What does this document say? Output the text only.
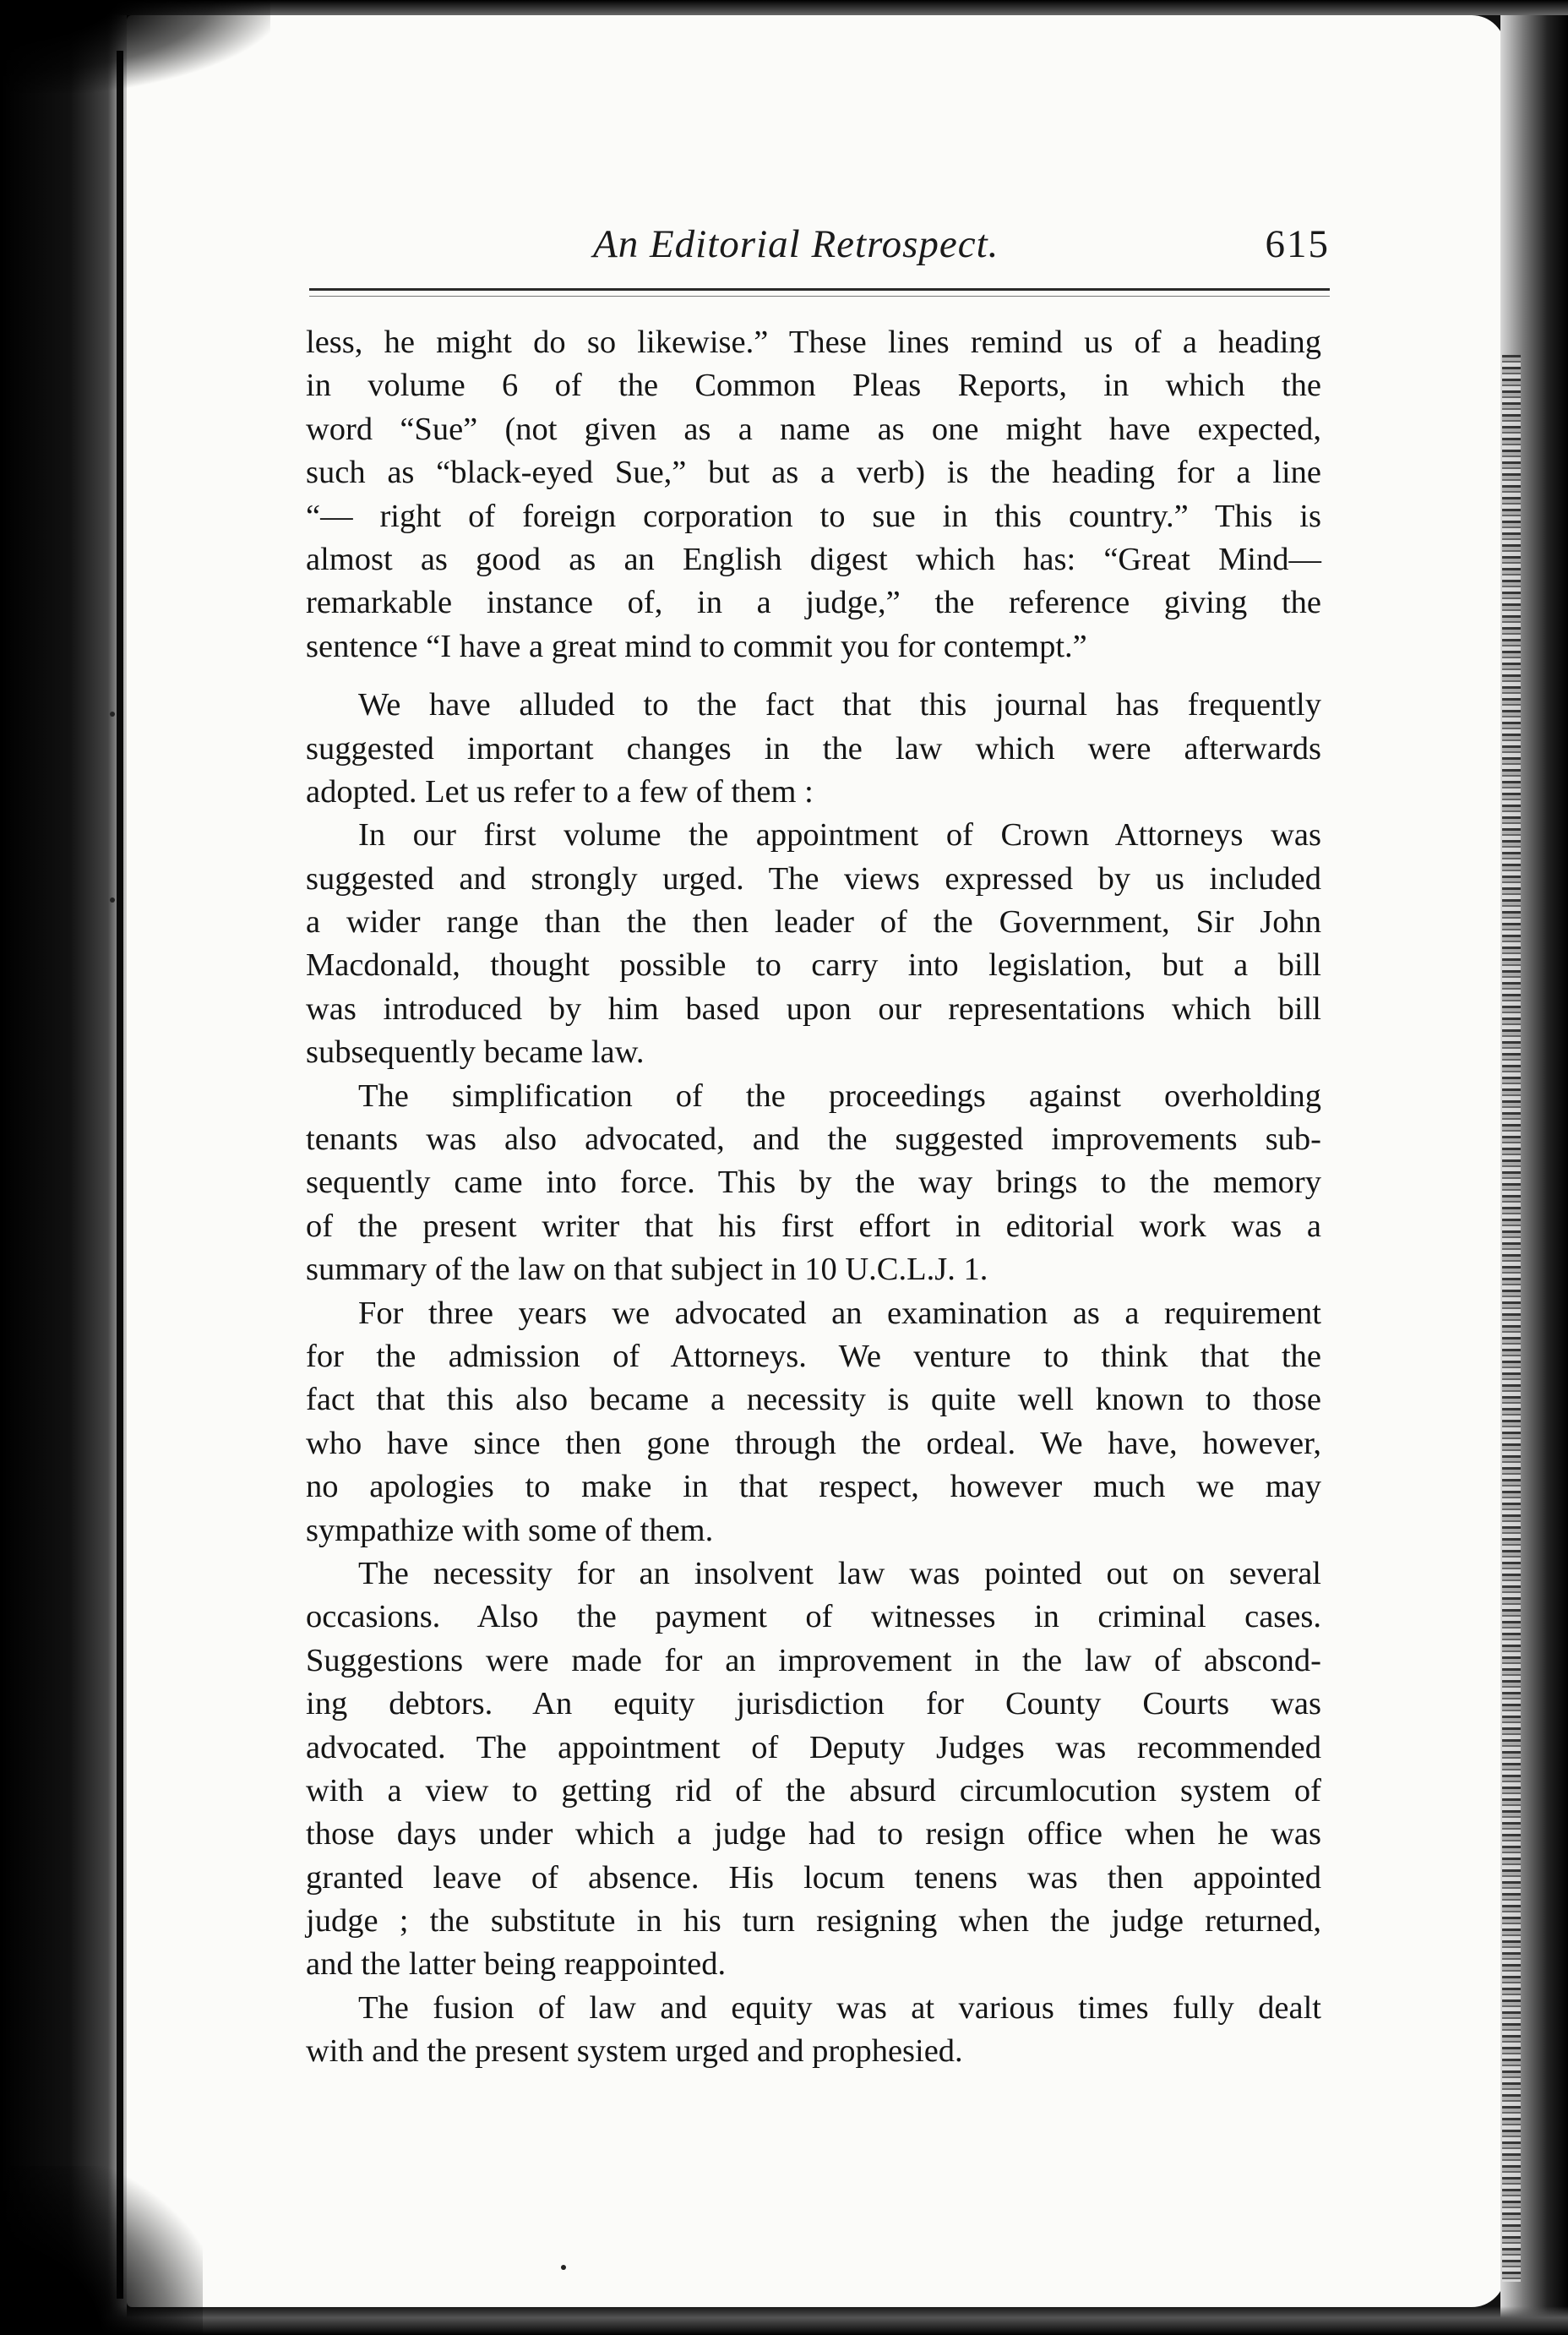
An Editorial Retrospect.	615
less, he might do so likewise.” These lines remind us of a heading
in volume 6 of the Common Pleas Reports, in which the
word “Sue” (not given as a name as one might have expected,
such as “black-eyed Sue,” but as a verb) is the heading for a line
“— right of foreign corporation to sue in this country.” This is
almost as good as an English digest which has: “Great Mind—
remarkable instance of, in a judge,” the reference giving the
sentence “I have a great mind to commit you for contempt.”
We have alluded to the fact that this journal has frequently
suggested important changes in the law which were afterwards
adopted. Let us refer to a few of them :
In our first volume the appointment of Crown Attorneys was
suggested and strongly urged. The views expressed by us included
a wider range than the then leader of the Government, Sir John
Macdonald, thought possible to carry into legislation, but a bill
was introduced by him based upon our representations which bill
subsequently became law.
The simplification of the proceedings against overholding
tenants was also advocated, and the suggested improvements sub-
sequently came into force. This by the way brings to the memory
of the present writer that his first effort in editorial work was a
summary of the law on that subject in 10 U.C.L.J. 1.
For three years we advocated an examination as a requirement
for the admission of Attorneys. We venture to think that the
fact that this also became a necessity is quite well known to those
who have since then gone through the ordeal. We have, however,
no apologies to make in that respect, however much we may
sympathize with some of them.
The necessity for an insolvent law was pointed out on several
occasions. Also the payment of witnesses in criminal cases.
Suggestions were made for an improvement in the law of abscond-
ing debtors. An equity jurisdiction for County Courts was
advocated. The appointment of Deputy Judges was recommended
with a view to getting rid of the absurd circumlocution system of
those days under which a judge had to resign office when he was
granted leave of absence. His locum tenens was then appointed
judge ; the substitute in his turn resigning when the judge returned,
and the latter being reappointed.
The fusion of law and equity was at various times fully dealt
with and the present system urged and prophesied.
